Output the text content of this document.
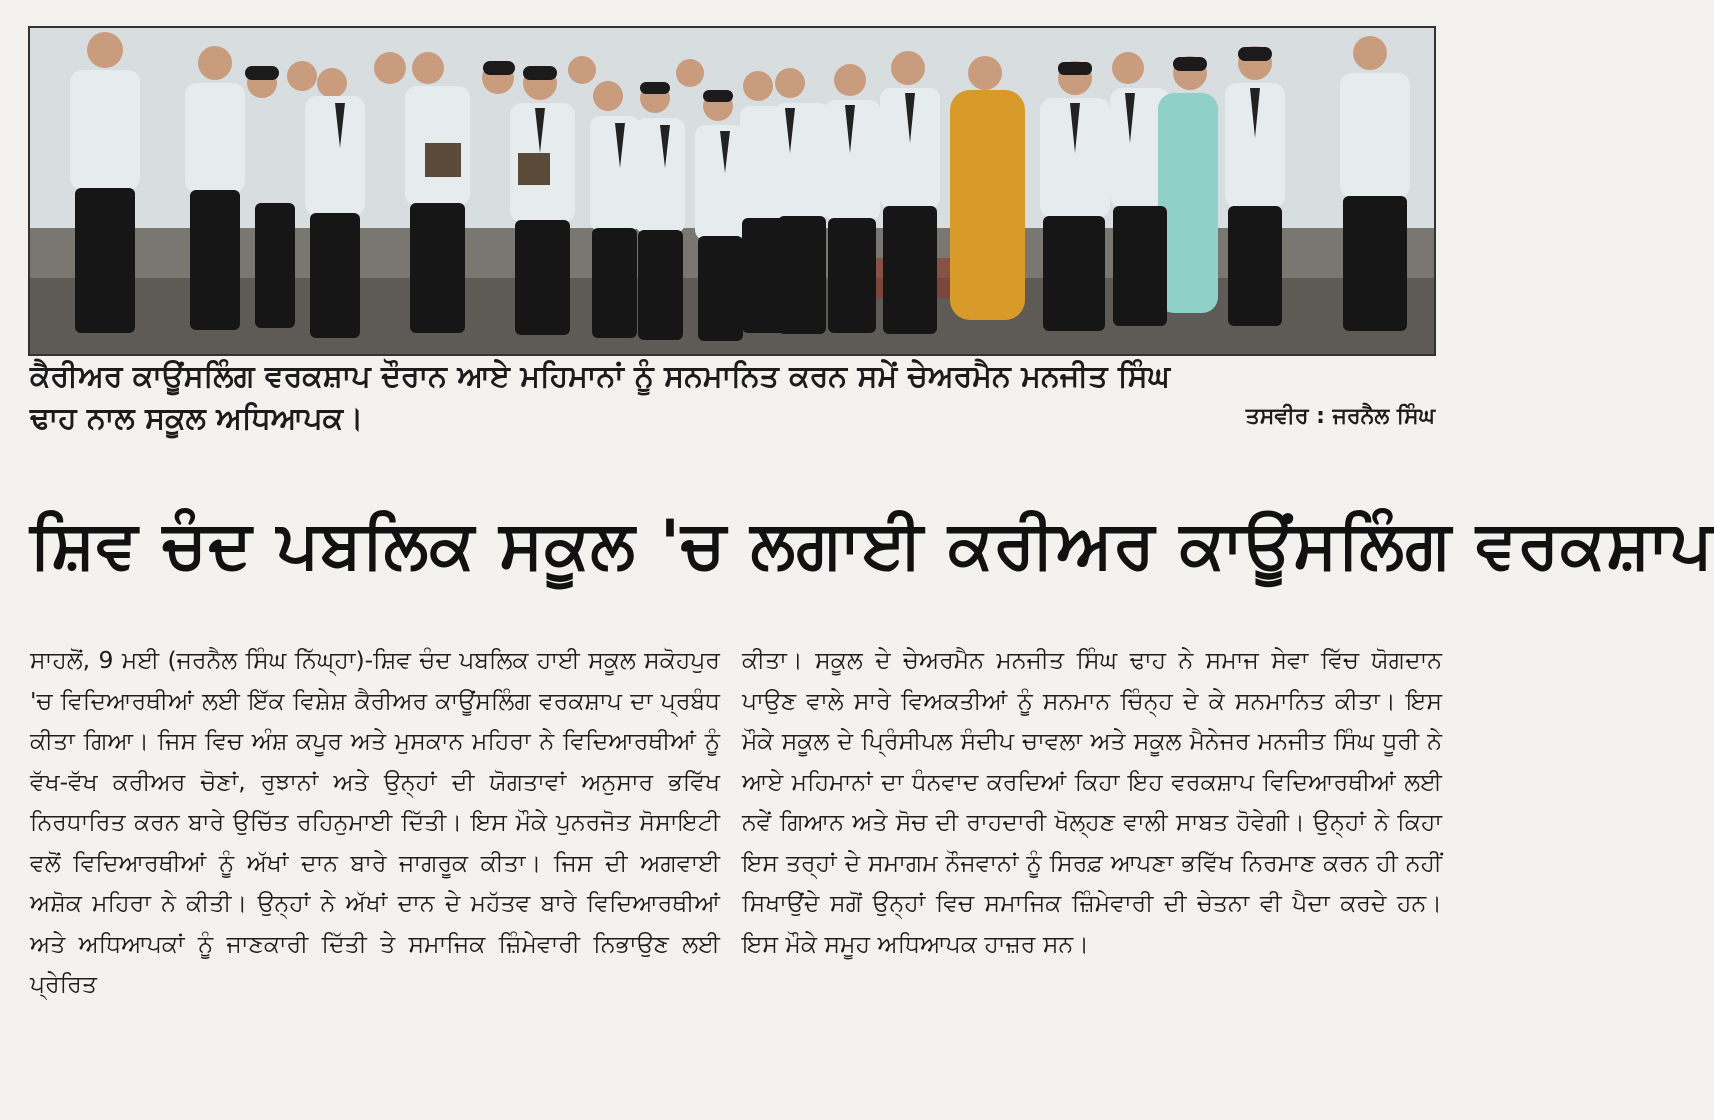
ਕੈਰੀਅਰ ਕਾਊਂਸਲਿੰਗ ਵਰਕਸ਼ਾਪ ਦੌਰਾਨ ਆਏ ਮਹਿਮਾਨਾਂ ਨੂੰ ਸਨਮਾਨਿਤ ਕਰਨ ਸਮੇਂ ਚੇਅਰਮੈਨ ਮਨਜੀਤ ਸਿੰਘ
ਢਾਹ ਨਾਲ ਸਕੂਲ ਅਧਿਆਪਕ।	ਤਸਵੀਰ : ਜਰਨੈਲ ਸਿੰਘ
ਸ਼ਿਵ ਚੰਦ ਪਬਲਿਕ ਸਕੂਲ 'ਚ ਲਗਾਈ ਕਰੀਅਰ ਕਾਊਂਸਲਿੰਗ ਵਰਕਸ਼ਾਪ
ਸਾਹਲੋਂ, 9 ਮਈ (ਜਰਨੈਲ ਸਿੰਘ ਨਿੱਘ੍ਹਾ)-ਸ਼ਿਵ ਚੰਦ ਪਬਲਿਕ ਹਾਈ ਸਕੂਲ ਸਕੋਹਪੁਰ 'ਚ ਵਿਦਿਆਰਥੀਆਂ ਲਈ ਇੱਕ ਵਿਸ਼ੇਸ਼ ਕੈਰੀਅਰ ਕਾਊਂਸਲਿੰਗ ਵਰਕਸ਼ਾਪ ਦਾ ਪ੍ਰਬੰਧ ਕੀਤਾ ਗਿਆ। ਜਿਸ ਵਿਚ ਅੰਸ਼ ਕਪੂਰ ਅਤੇ ਮੁਸਕਾਨ ਮਹਿਰਾ ਨੇ ਵਿਦਿਆਰਥੀਆਂ ਨੂੰ ਵੱਖ-ਵੱਖ ਕਰੀਅਰ ਚੋਣਾਂ, ਰੁਝਾਨਾਂ ਅਤੇ ਉਨ੍ਹਾਂ ਦੀ ਯੋਗਤਾਵਾਂ ਅਨੁਸਾਰ ਭਵਿੱਖ ਨਿਰਧਾਰਿਤ ਕਰਨ ਬਾਰੇ ਉਚਿੱਤ ਰਹਿਨੁਮਾਈ ਦਿੱਤੀ। ਇਸ ਮੌਕੇ ਪੁਨਰਜੋਤ ਸੋਸਾਇਟੀ ਵਲੋਂ ਵਿਦਿਆਰਥੀਆਂ ਨੂੰ ਅੱਖਾਂ ਦਾਨ ਬਾਰੇ ਜਾਗਰੂਕ ਕੀਤਾ। ਜਿਸ ਦੀ ਅਗਵਾਈ ਅਸ਼ੋਕ ਮਹਿਰਾ ਨੇ ਕੀਤੀ। ਉਨ੍ਹਾਂ ਨੇ ਅੱਖਾਂ ਦਾਨ ਦੇ ਮਹੱਤਵ ਬਾਰੇ ਵਿਦਿਆਰਥੀਆਂ ਅਤੇ ਅਧਿਆਪਕਾਂ ਨੂੰ ਜਾਣਕਾਰੀ ਦਿੱਤੀ ਤੇ ਸਮਾਜਿਕ ਜ਼ਿੰਮੇਵਾਰੀ ਨਿਭਾਉਣ ਲਈ ਪ੍ਰੇਰਿਤ
ਕੀਤਾ। ਸਕੂਲ ਦੇ ਚੇਅਰਮੈਨ ਮਨਜੀਤ ਸਿੰਘ ਢਾਹ ਨੇ ਸਮਾਜ ਸੇਵਾ ਵਿੱਚ ਯੋਗਦਾਨ ਪਾਉਣ ਵਾਲੇ ਸਾਰੇ ਵਿਅਕਤੀਆਂ ਨੂੰ ਸਨਮਾਨ ਚਿੰਨ੍ਹ ਦੇ ਕੇ ਸਨਮਾਨਿਤ ਕੀਤਾ। ਇਸ ਮੌਕੇ ਸਕੂਲ ਦੇ ਪ੍ਰਿੰਸੀਪਲ ਸੰਦੀਪ ਚਾਵਲਾ ਅਤੇ ਸਕੂਲ ਮੈਨੇਜਰ ਮਨਜੀਤ ਸਿੰਘ ਧੂਰੀ ਨੇ ਆਏ ਮਹਿਮਾਨਾਂ ਦਾ ਧੰਨਵਾਦ ਕਰਦਿਆਂ ਕਿਹਾ ਇਹ ਵਰਕਸ਼ਾਪ ਵਿਦਿਆਰਥੀਆਂ ਲਈ ਨਵੇਂ ਗਿਆਨ ਅਤੇ ਸੋਚ ਦੀ ਰਾਹਦਾਰੀ ਖੋਲ੍ਹਣ ਵਾਲੀ ਸਾਬਤ ਹੋਵੇਗੀ। ਉਨ੍ਹਾਂ ਨੇ ਕਿਹਾ ਇਸ ਤਰ੍ਹਾਂ ਦੇ ਸਮਾਗਮ ਨੌਜਵਾਨਾਂ ਨੂੰ ਸਿਰਫ਼ ਆਪਣਾ ਭਵਿੱਖ ਨਿਰਮਾਣ ਕਰਨ ਹੀ ਨਹੀਂ ਸਿਖਾਉਂਦੇ ਸਗੋਂ ਉਨ੍ਹਾਂ ਵਿਚ ਸਮਾਜਿਕ ਜ਼ਿੰਮੇਵਾਰੀ ਦੀ ਚੇਤਨਾ ਵੀ ਪੈਦਾ ਕਰਦੇ ਹਨ। ਇਸ ਮੌਕੇ ਸਮੂਹ ਅਧਿਆਪਕ ਹਾਜ਼ਰ ਸਨ।
